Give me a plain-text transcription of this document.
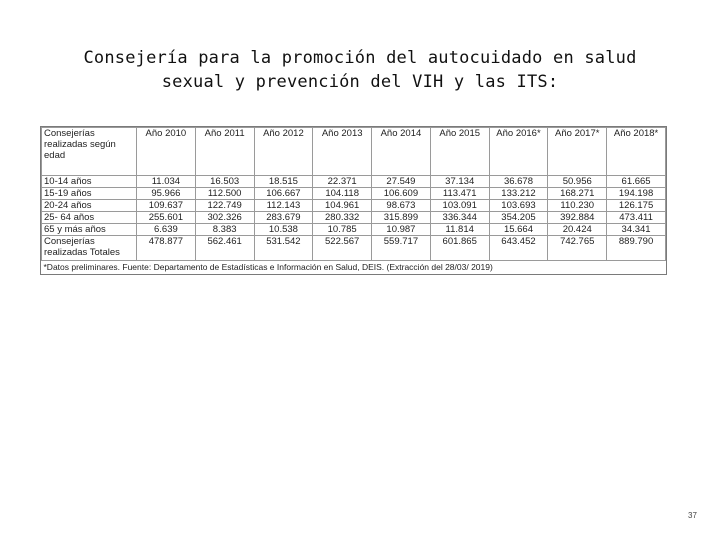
Consejería para la promoción del autocuidado en salud
sexual y prevención del VIH y las ITS:
Consejerías realizadas según edad	Año 2010	Año 2011	Año 2012	Año 2013	Año 2014	Año 2015	Año 2016*	Año 2017*	Año 2018*
10-14 años	11.034	16.503	18.515	22.371	27.549	37.134	36.678	50.956	61.665
15-19 años	95.966	112.500	106.667	104.118	106.609	113.471	133.212	168.271	194.198
20-24 años	109.637	122.749	112.143	104.961	98.673	103.091	103.693	110.230	126.175
25- 64 años	255.601	302.326	283.679	280.332	315.899	336.344	354.205	392.884	473.411
65 y más años	6.639	8.383	10.538	10.785	10.987	11.814	15.664	20.424	34.341
Consejerías realizadas Totales	478.877	562.461	531.542	522.567	559.717	601.865	643.452	742.765	889.790
*Datos preliminares. Fuente: Departamento de Estadísticas e Información en Salud, DEIS. (Extracción del 28/03/ 2019)									
37
